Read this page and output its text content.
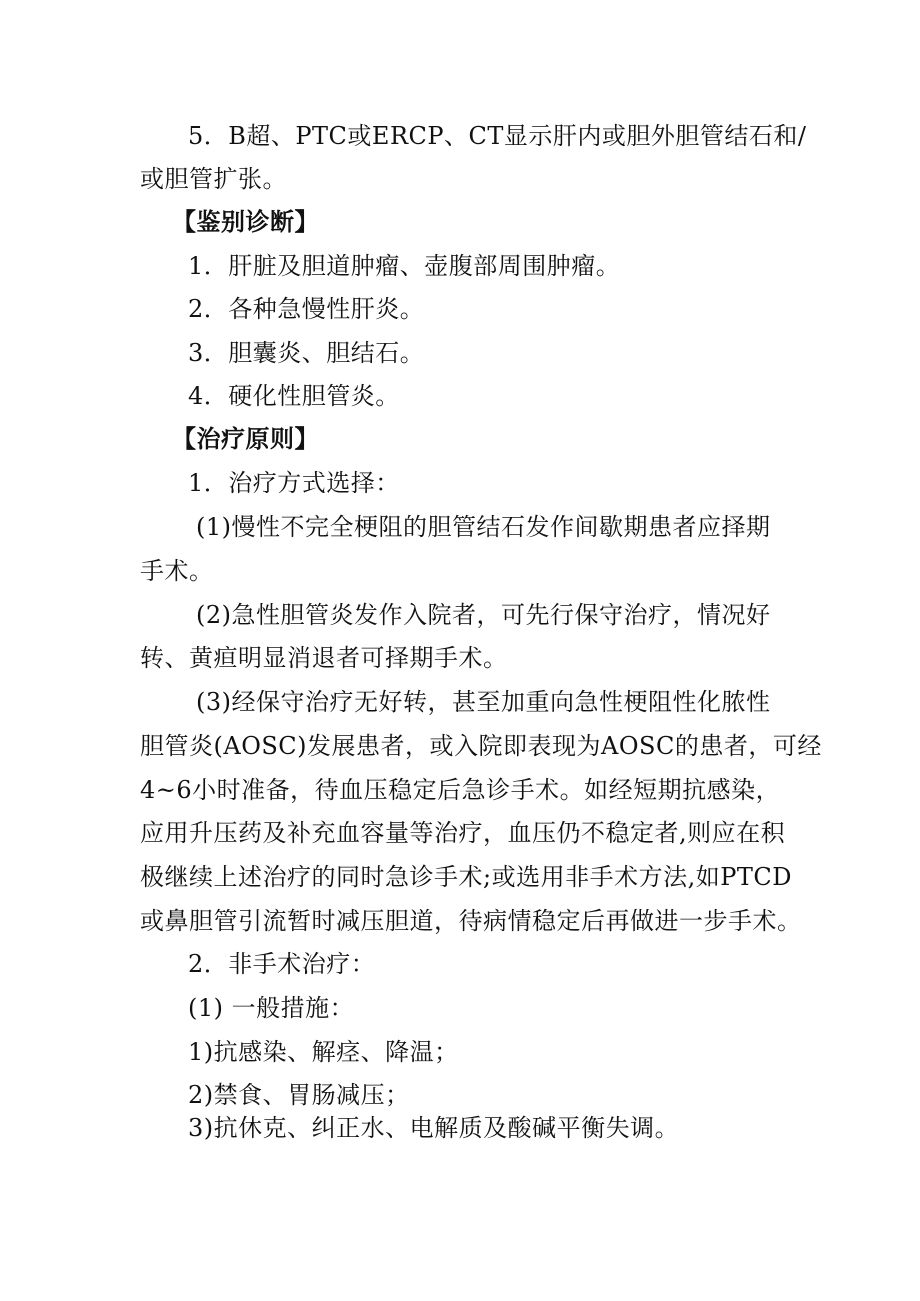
5．B超、PTC或ERCP、CT显示肝内或胆外胆管结石和/
或胆管扩张。
【鉴别诊断】
1．肝脏及胆道肿瘤、壶腹部周围肿瘤。
2．各种急慢性肝炎。
3．胆囊炎、胆结石。
4．硬化性胆管炎。
【治疗原则】
1．治疗方式选择：
(1)慢性不完全梗阻的胆管结石发作间歇期患者应择期
手术。
(2)急性胆管炎发作入院者，可先行保守治疗，情况好
转、黄疸明显消退者可择期手术。
(3)经保守治疗无好转，甚至加重向急性梗阻性化脓性
胆管炎(AOSC)发展患者，或入院即表现为AOSC的患者，可经
4~6小时准备，待血压稳定后急诊手术。如经短期抗感染，
应用升压药及补充血容量等治疗，血压仍不稳定者,则应在积
极继续上述治疗的同时急诊手术;或选用非手术方法,如PTCD
或鼻胆管引流暂时减压胆道，待病情稳定后再做进一步手术。
2．非手术治疗：
(1) 一般措施：
1)抗感染、解痉、降温；
2)禁食、胃肠减压；
3)抗休克、纠正水、电解质及酸碱平衡失调。
